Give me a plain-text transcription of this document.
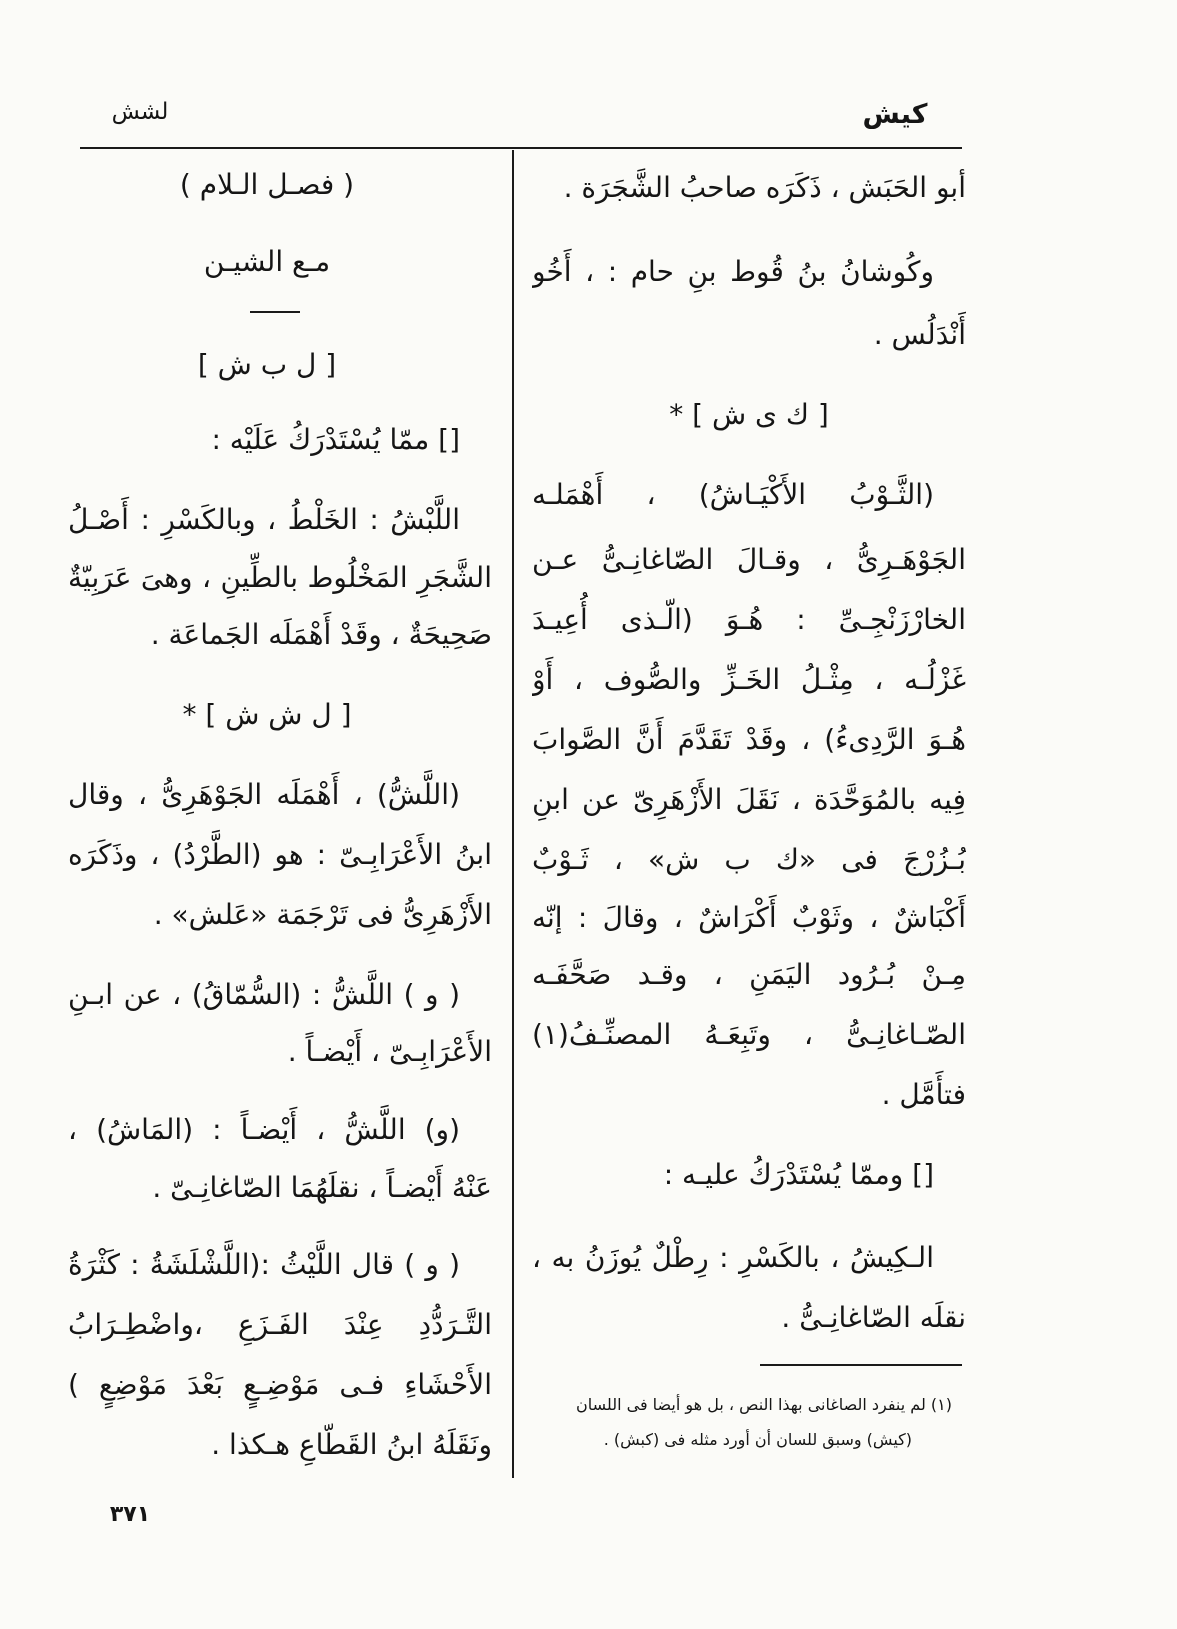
كيش
لشش
أبو الحَبَش ، ذَكَرَه صاحبُ الشَّجَرَة .
وكُوشانُ بنُ قُوط بنِ حام : ، أَخُو
أَنْدَلُس .
[ ك ى ش ] *
(الثَّـوْبُ الأَكْيَـاشُ) ، أَهْمَلـه
الجَوْهَـرِىُّ ، وقـالَ الصّاغانِـىُّ عـن
الخارْزَنْجِـىِّ : هُـوَ (الّـذى أُعِيـدَ
غَزْلُـه ، مِثْـلُ الخَـزِّ والصُّوف ، أَوْ
هُـوَ الرَّدِىءُ) ، وقَدْ تَقَدَّمَ أَنَّ الصَّوابَ
فِيه بالمُوَحَّدَة ، نَقَلَ الأَزْهَرِىّ عن ابنِ
بُـزُرْجَ فى «ك ب ش» ، ثَـوْبٌ
أَكْبَاشٌ ، وثَوْبٌ أَكْرَاشٌ ، وقالَ : إنّه
مِـنْ بُـرُود اليَمَنِ ، وقـد صَحَّفَـه
الصّـاغانِـىُّ ، وتَبِعَـهُ المصنِّـفُ(١)
فتأَمَّل .
[] وممّا يُسْتَدْرَكُ عليـه :
الـكِيشُ ، بالكَسْرِ : رِطْلٌ يُوزَنُ به ،
نقلَه الصّاغانِـىُّ .
(١) لم ينفرد الصاغانى بهذا النص ، بل هو أيضا فى اللسان
(كيش) وسبق للسان أن أورد مثله فى (كبش) .
( فصـل الـلام )
مـع الشيـن
[ ل ب ش ]
[] ممّا يُسْتَدْرَكُ عَلَيْه :
اللَّبْشُ : الخَلْطُ ، وبالكَسْرِ : أَصْـلُ
الشَّجَرِ المَخْلُوط بالطِّينِ ، وهىَ عَرَبِيّةٌ
صَحِيحَةٌ ، وقَدْ أَهْمَلَه الجَماعَة .
[ ل ش ش ] *
(اللَّشُّ) ، أَهْمَلَه الجَوْهَرِىُّ ، وقال
ابنُ الأَعْرَابِـىّ : هو (الطَّرْدُ) ، وذَكَرَه
الأَزْهَرِىُّ فى تَرْجَمَة «عَلش» .
( و ) اللَّشُّ : (السُّمّاقُ) ، عن ابـنِ
الأَعْرَابِـىّ ، أَيْضـاً .
(و) اللَّشُّ ، أَيْضـاً : (المَاشُ) ،
عَنْهُ أَيْضـاً ، نقلَهُمَا الصّاغانِـىّ .
( و ) قال اللَّيْثُ :(اللَّشْلَشَةُ : كَثْرَةُ
التَّـرَدُّدِ عِنْدَ الفَـزَعِ ،واضْطِـرَابُ
الأَحْشَاءِ فـى مَوْضِـعٍ بَعْدَ مَوْضِعٍ )
ونَقَلَهُ ابنُ القَطّاعِ هـكذا .
٣٧١
